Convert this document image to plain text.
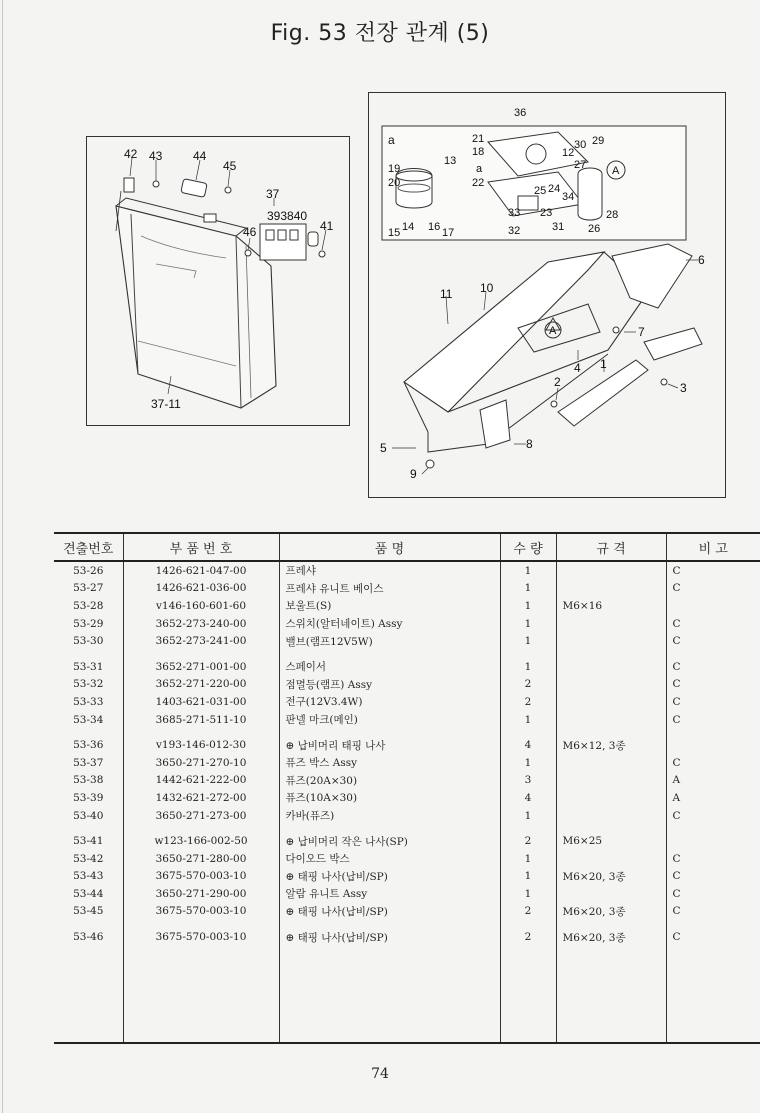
Fig. 53 전장 관계 (5)
42 43	44
45
37
393840
41
46
37-11
a
A
36
21
18
13
30 29
12
19
20
a
22
27
25 24
34
33 23	28
15 14 16 17	32	31 26
6
10
11
7
4 1
2	3
5	8
9
A
견출번호	부 품 번 호	품 명	수 량	규 격	비 고
53-26	1426-621-047-00	프레샤	1		C
53-27	1426-621-036-00	프레샤 유니트 베이스	1		C
53-28	v146-160-601-60	보울트(S)	1	M6×16	
53-29	3652-273-240-00	스위치(알터네이트) Assy	1		C
53-30	3652-273-241-00	밸브(램프12V5W)	1		C

53-31	3652-271-001-00	스페이서	1		C
53-32	3652-271-220-00	점멸등(램프) Assy	2		C
53-33	1403-621-031-00	전구(12V3.4W)	2		C
53-34	3685-271-511-10	판넬 마크(메인)	1		C

53-36	v193-146-012-30	⊕ 납비머리 태핑 나사	4	M6×12, 3종	
53-37	3650-271-270-10	퓨즈 박스 Assy	1		C
53-38	1442-621-222-00	퓨즈(20A×30)	3		A
53-39	1432-621-272-00	퓨즈(10A×30)	4		A
53-40	3650-271-273-00	카바(퓨즈)	1		C

53-41	w123-166-002-50	⊕ 납비머리 작은 나사(SP)	2	M6×25	
53-42	3650-271-280-00	다이오드 박스	1		C
53-43	3675-570-003-10	⊕ 태핑 나사(납비/SP)	1	M6×20, 3종	C
53-44	3650-271-290-00	알람 유니트 Assy	1		C
53-45	3675-570-003-10	⊕ 태핑 나사(납비/SP)	2	M6×20, 3종	C

53-46	3675-570-003-10	⊕ 태핑 나사(납비/SP)	2	M6×20, 3종	C

74
